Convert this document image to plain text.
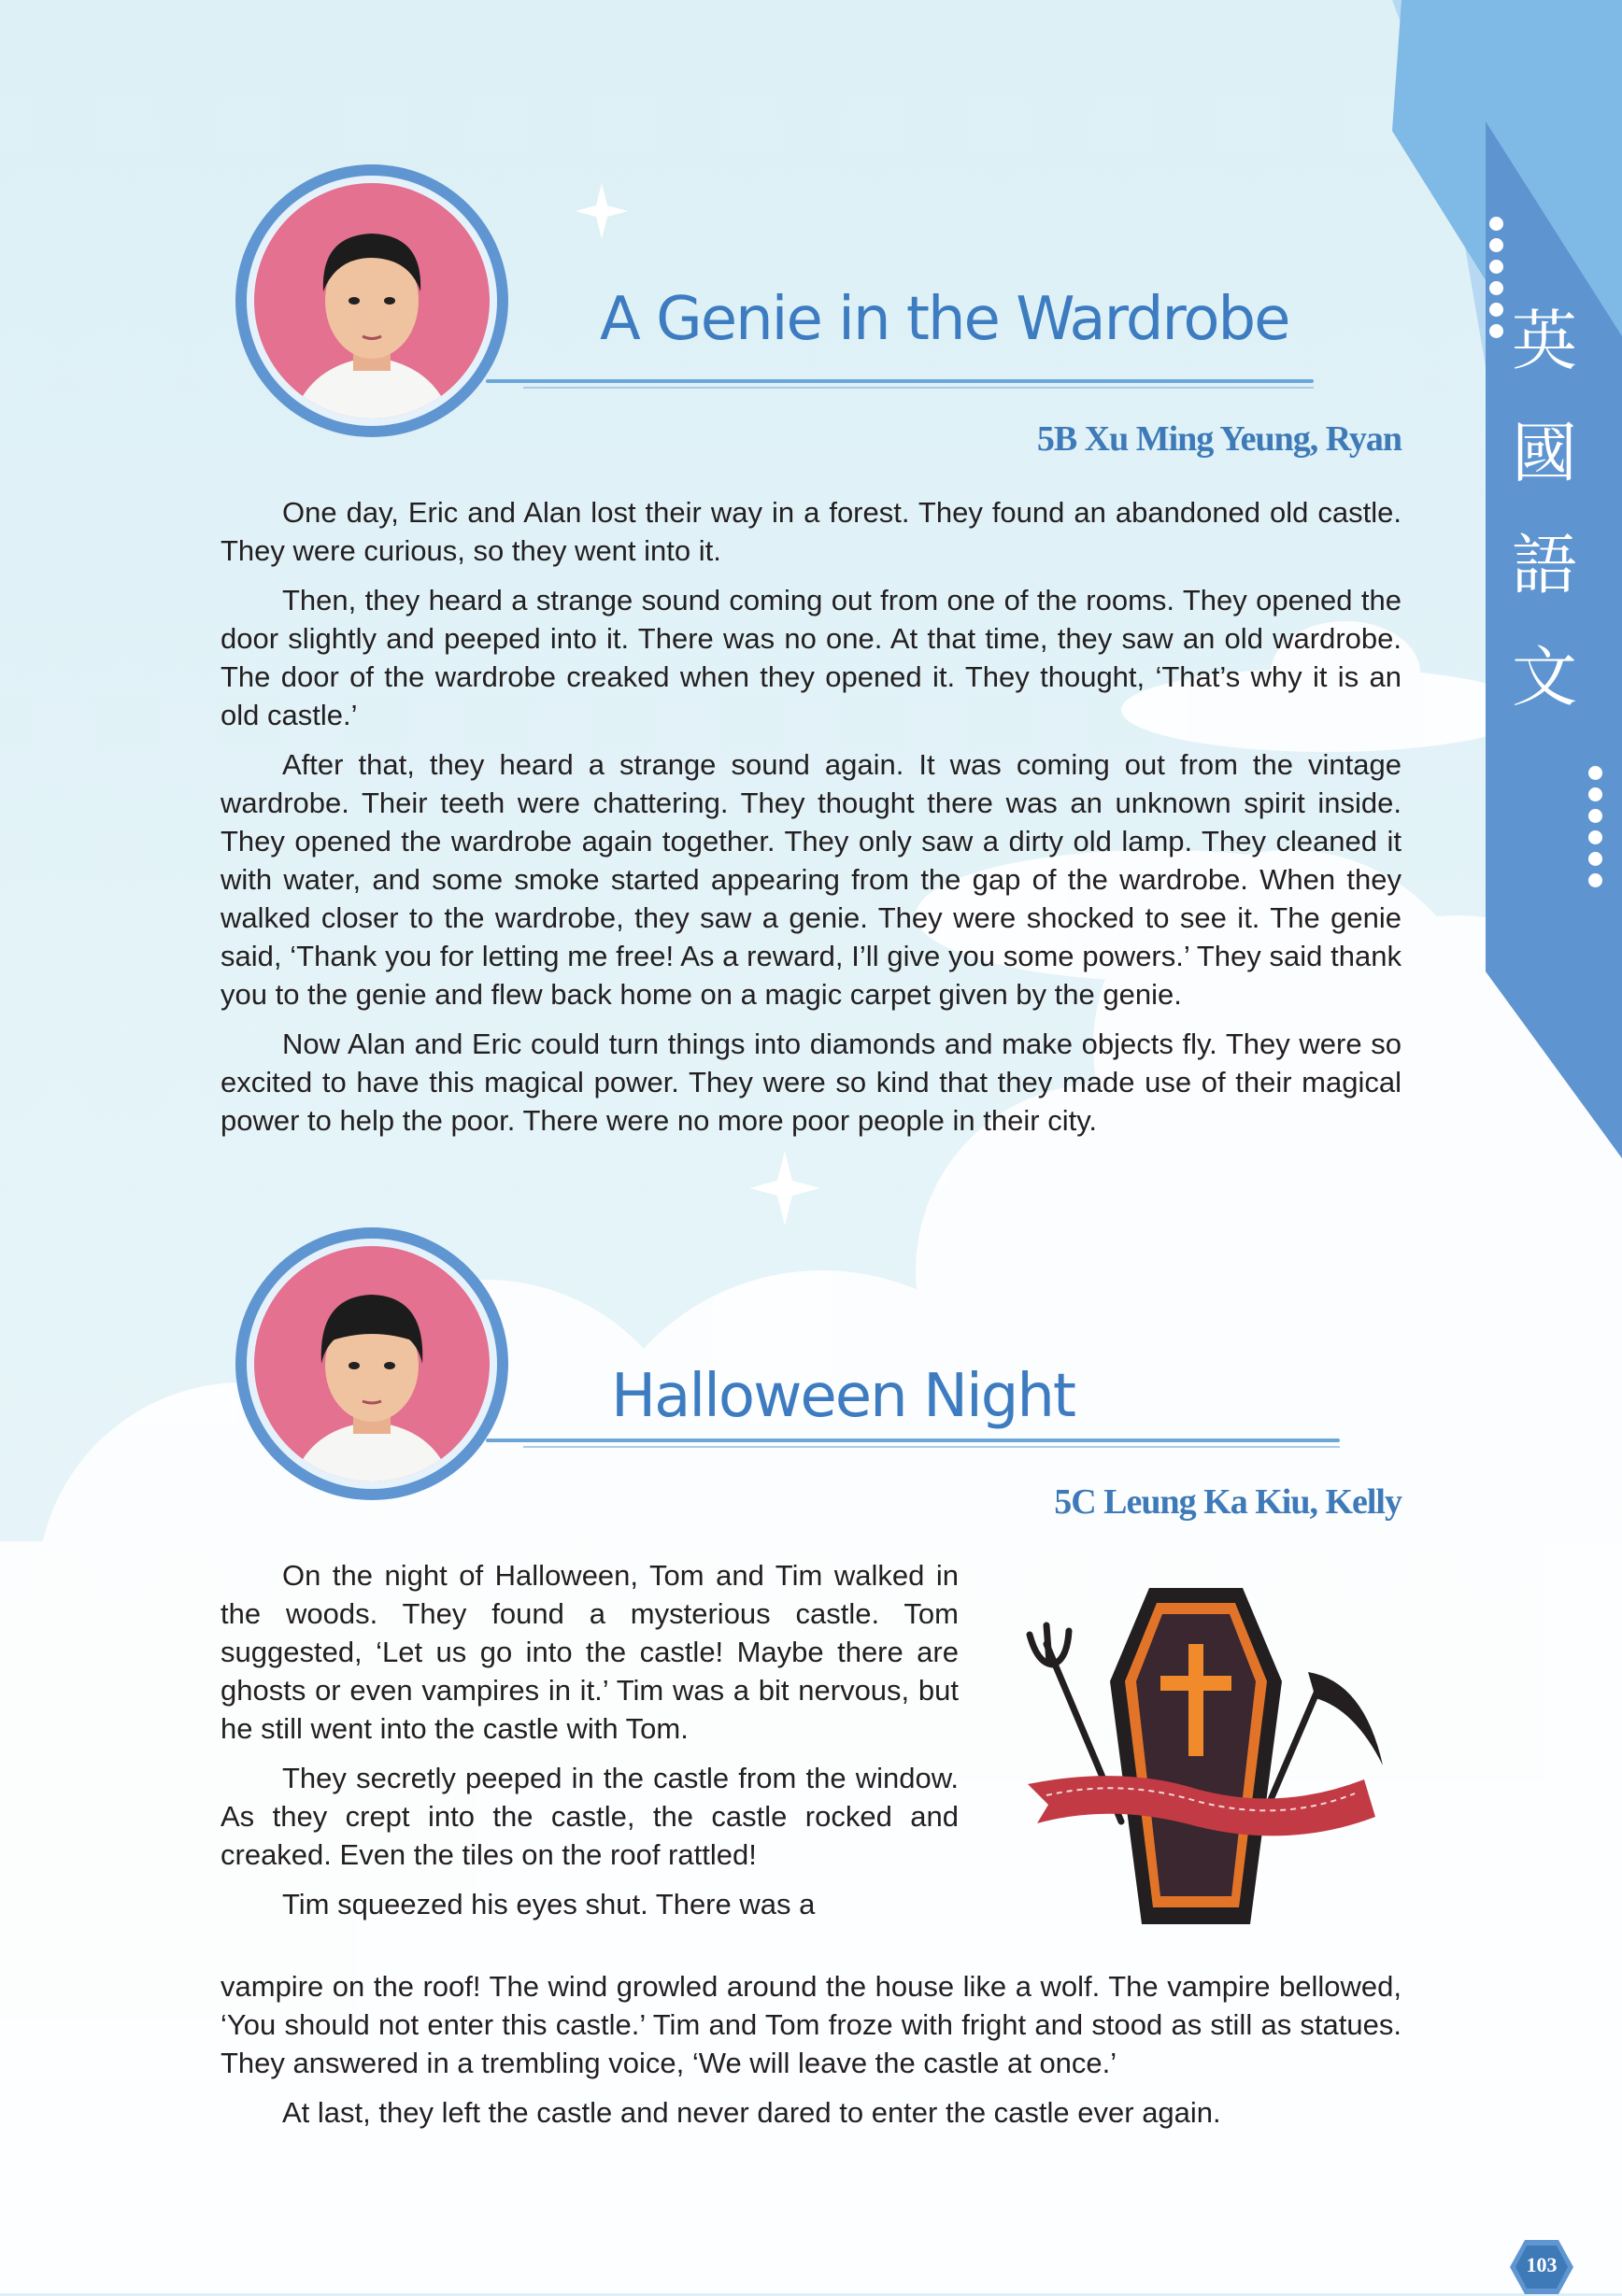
英
國
語
文
A Genie in the Wardrobe
5B Xu Ming Yeung, Ryan

One day, Eric and Alan lost their way in a forest. They found an abandoned old castle. They were curious, so they went into it.

Then, they heard a strange sound coming out from one of the rooms. They opened the door slightly and peeped into it. There was no one. At that time, they saw an old wardrobe. The door of the wardrobe creaked when they opened it. They thought, ‘That’s why it is an old castle.’

After that, they heard a strange sound again. It was coming out from the vintage wardrobe. Their teeth were chattering. They thought there was an unknown spirit inside. They opened the wardrobe again together. They only saw a dirty old lamp. They cleaned it with water, and some smoke started appearing from the gap of the wardrobe. When they walked closer to the wardrobe, they saw a genie. They were shocked to see it. The genie said, ‘Thank you for letting me free! As a reward, I’ll give you some powers.’ They said thank you to the genie and flew back home on a magic carpet given by the genie.

Now Alan and Eric could turn things into diamonds and make objects fly. They were so excited to have this magical power. They were so kind that they made use of their magical power to help the poor. There were no more poor people in their city.

Halloween Night
5C Leung Ka Kiu, Kelly

On the night of Halloween, Tom and Tim walked in the woods. They found a mysterious castle. Tom suggested, ‘Let us go into the castle! Maybe there are ghosts or even vampires in it.’ Tim was a bit nervous, but he still went into the castle with Tom.

They secretly peeped in the castle from the window. As they crept into the castle, the castle rocked and creaked. Even the tiles on the roof rattled!

Tim squeezed his eyes shut. There was a

vampire on the roof! The wind growled around the house like a wolf. The vampire bellowed, ‘You should not enter this castle.’ Tim and Tom froze with fright and stood as still as statues. They answered in a trembling voice, ‘We will leave the castle at once.’

At last, they left the castle and never dared to enter the castle ever again.

103
